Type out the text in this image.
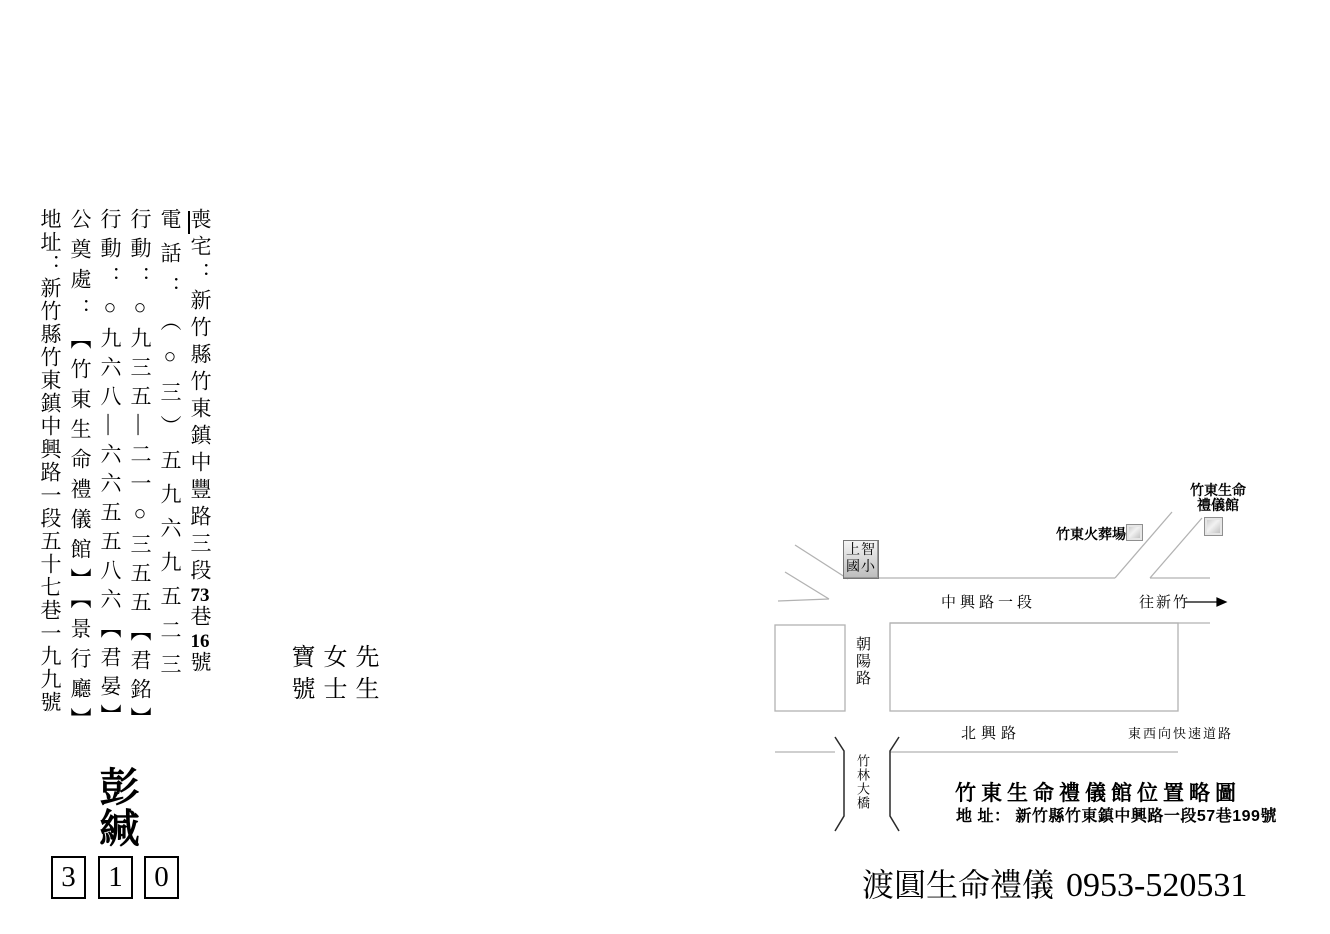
喪宅：新竹縣竹東鎮中豐路三段73巷16號
電話：（○三）五九六九五二三
行動：○九三五—二一○三五五【君銘】
行動：○九六八—六六五五八六【君晏】
公奠處：【竹東生命禮儀館】【景行廳】
地址：新竹縣竹東鎮中興路一段五十七巷一九九號	先生
女士
寶號
彭緘
3	1	0
上智
國小
竹東生命
禮儀館
竹東火葬場
中興路一段	往新竹
朝陽路
北興路	東西向快速道路
竹林大橋	竹東生命禮儀館位置略圖
地 址： 新竹縣竹東鎮中興路一段57巷199號
渡圓生命禮儀 0953-520531
